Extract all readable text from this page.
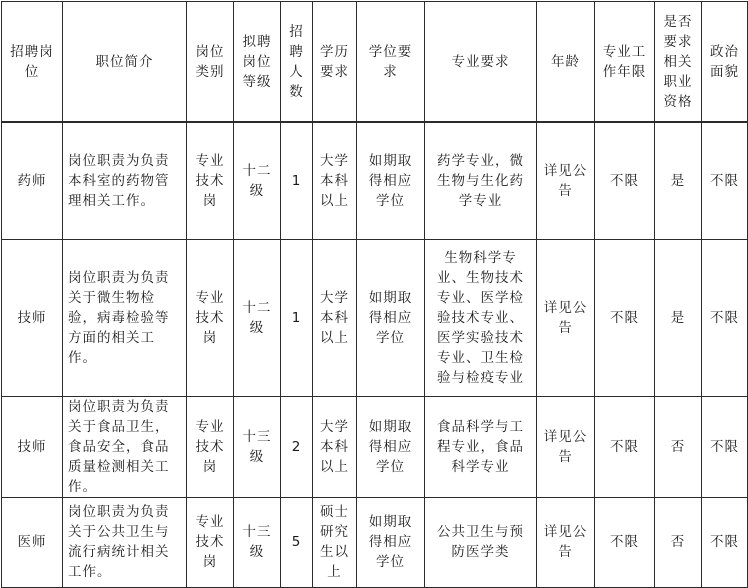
招聘岗位	职位简介	岗位类别	拟聘岗位等级	招聘人数	学历要求	学位要求	专业要求	年龄	专业工作年限	是否要求相关职业资格	政治面貌
药师	岗位职责为负责本科室的药物管理相关工作。	专业技术岗	十二级	1	大学本科以上	如期取得相应学位	药学专业，微生物与生化药学专业	详见公告	不限	是	不限
技师	岗位职责为负责关于微生物检验，病毒检验等方面的相关工作。	专业技术岗	十二级	1	大学本科以上	如期取得相应学位	生物科学专业、生物技术专业、医学检验技术专业、医学实验技术专业、卫生检验与检疫专业	详见公告	不限	是	不限
技师	岗位职责为负责关于食品卫生，食品安全，食品质量检测相关工作。	专业技术岗	十三级	2	大学本科以上	如期取得相应学位	食品科学与工程专业，食品科学专业	详见公告	不限	否	不限
医师	岗位职责为负责关于公共卫生与流行病统计相关工作。	专业技术岗	十三级	5	硕士研究生以上	如期取得相应学位	公共卫生与预防医学类	详见公告	不限	否	不限
